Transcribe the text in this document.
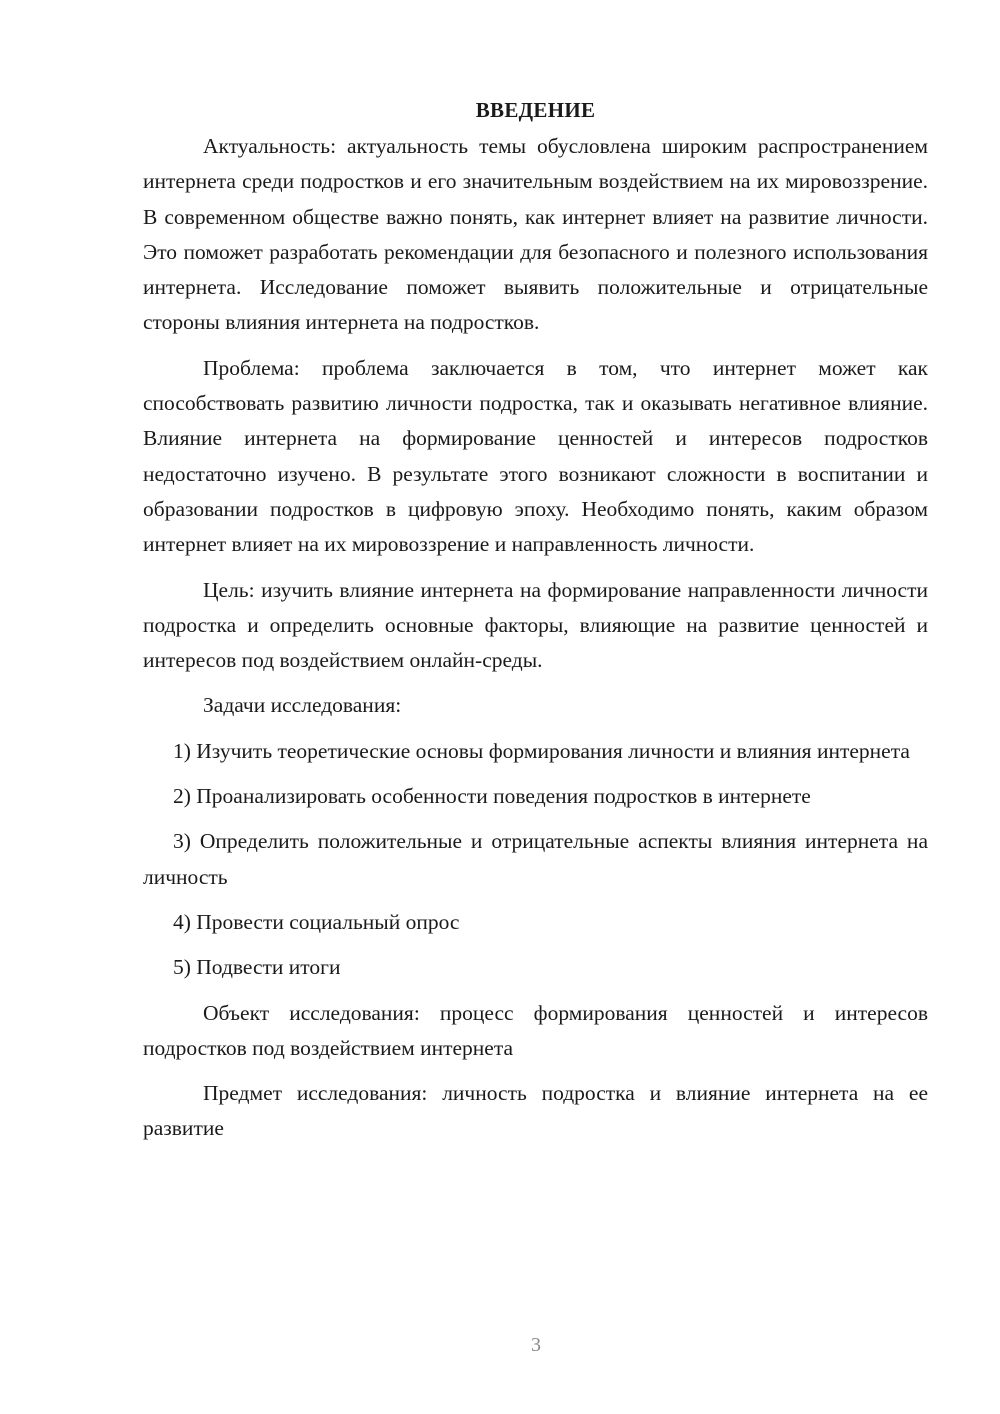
ВВЕДЕНИЕ

Актуальность: актуальность темы обусловлена широким распространением интернета среди подростков и его значительным воздействием на их мировоззрение. В современном обществе важно понять, как интернет влияет на развитие личности. Это поможет разработать рекомендации для безопасного и полезного использования интернета. Исследование поможет выявить положительные и отрицательные стороны влияния интернета на подростков.

Проблема: проблема заключается в том, что интернет может как способствовать развитию личности подростка, так и оказывать негативное влияние. Влияние интернета на формирование ценностей и интересов подростков недостаточно изучено. В результате этого возникают сложности в воспитании и образовании подростков в цифровую эпоху. Необходимо понять, каким образом интернет влияет на их мировоззрение и направленность личности.

Цель: изучить влияние интернета на формирование направленности личности подростка и определить основные факторы, влияющие на развитие ценностей и интересов под воздействием онлайн-среды.

Задачи исследования:

1) Изучить теоретические основы формирования личности и влияния интернета

2) Проанализировать особенности поведения подростков в интернете

3) Определить положительные и отрицательные аспекты влияния интернета на личность

4) Провести социальный опрос

5) Подвести итоги

Объект исследования: процесс формирования ценностей и интересов подростков под воздействием интернета

Предмет исследования: личность подростка и влияние интернета на ее развитие

3
